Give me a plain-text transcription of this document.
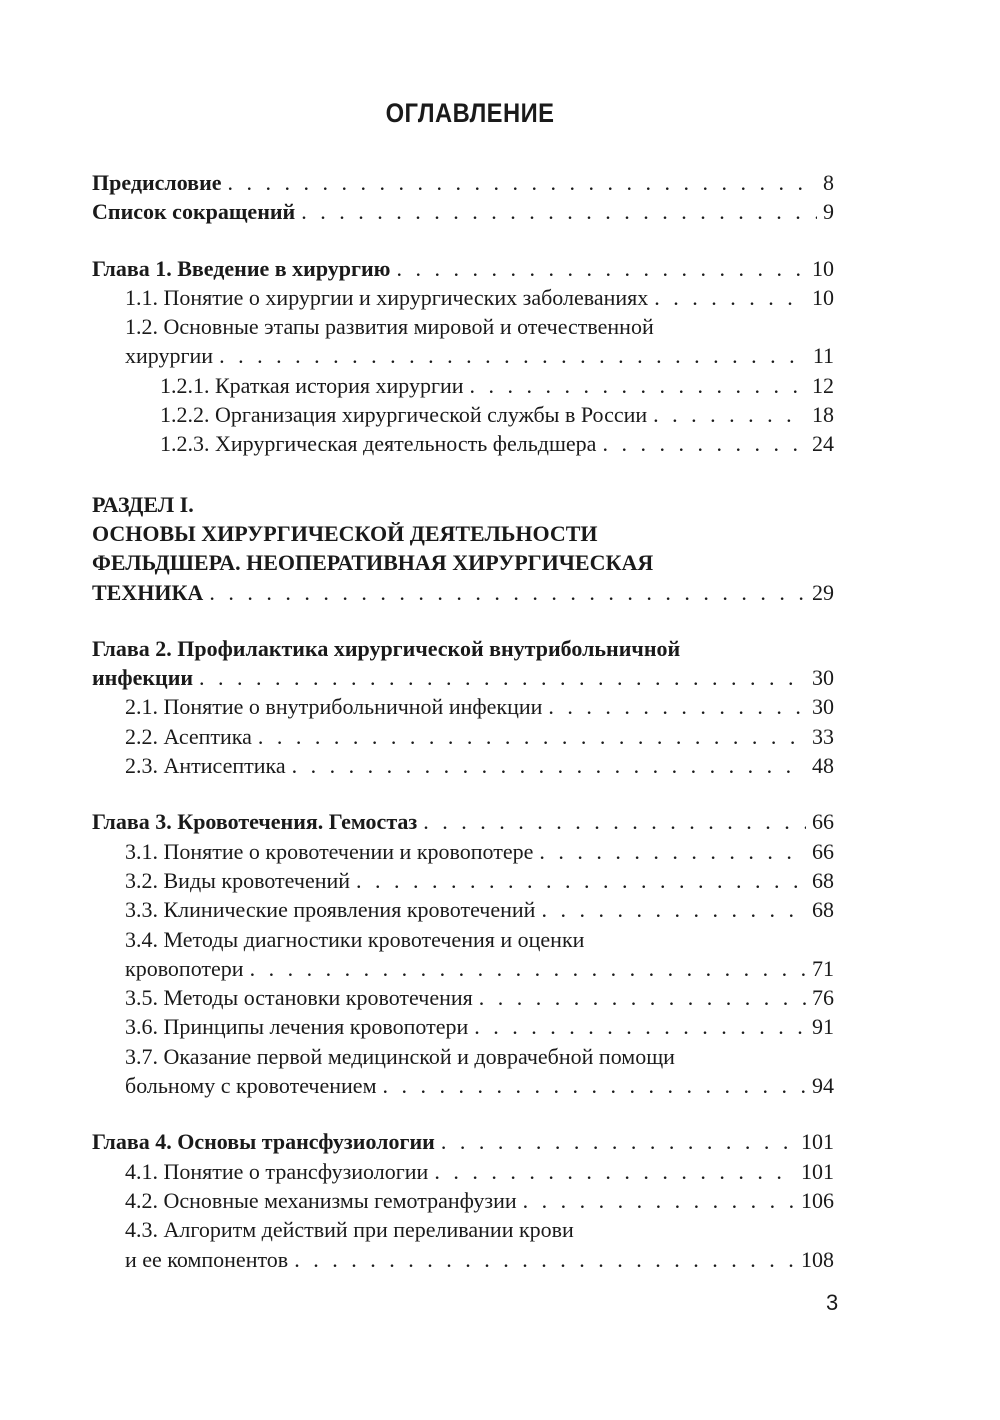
ОГЛАВЛЕНИЕ
Предисловие . . .	8
Список сокращений . . .	9
Глава 1. Введение в хирургию . . .	10
1.1. Понятие о хирургии и хирургических заболеваниях . . .	10
1.2. Основные этапы развития мировой и отечественной
хирургии . . .	11
1.2.1. Краткая история хирургии . . .	12
1.2.2. Организация хирургической службы в России . . .	18
1.2.3. Хирургическая деятельность фельдшера . . .	24
РАЗДЕЛ I.
ОСНОВЫ ХИРУРГИЧЕСКОЙ ДЕЯТЕЛЬНОСТИ
ФЕЛЬДШЕРА. НЕОПЕРАТИВНАЯ ХИРУРГИЧЕСКАЯ
ТЕХНИКА . . .	29
Глава 2. Профилактика хирургической внутрибольничной
инфекции . . .	30
2.1. Понятие о внутрибольничной инфекции . . .	30
2.2. Асептика . . .	33
2.3. Антисептика . . .	48
Глава 3. Кровотечения. Гемостаз . . .	66
3.1. Понятие о кровотечении и кровопотере . . .	66
3.2. Виды кровотечений . . .	68
3.3. Клинические проявления кровотечений . . .	68
3.4. Методы диагностики кровотечения и оценки
кровопотери . . .	71
3.5. Методы остановки кровотечения . . .	76
3.6. Принципы лечения кровопотери . . .	91
3.7. Оказание первой медицинской и доврачебной помощи
больному с кровотечением . . .	94
Глава 4. Основы трансфузиологии . . .	101
4.1. Понятие о трансфузиологии . . .	101
4.2. Основные механизмы гемотранфузии . . .	106
4.3. Алгоритм действий при переливании крови
и ее компонентов . . .	108
3
